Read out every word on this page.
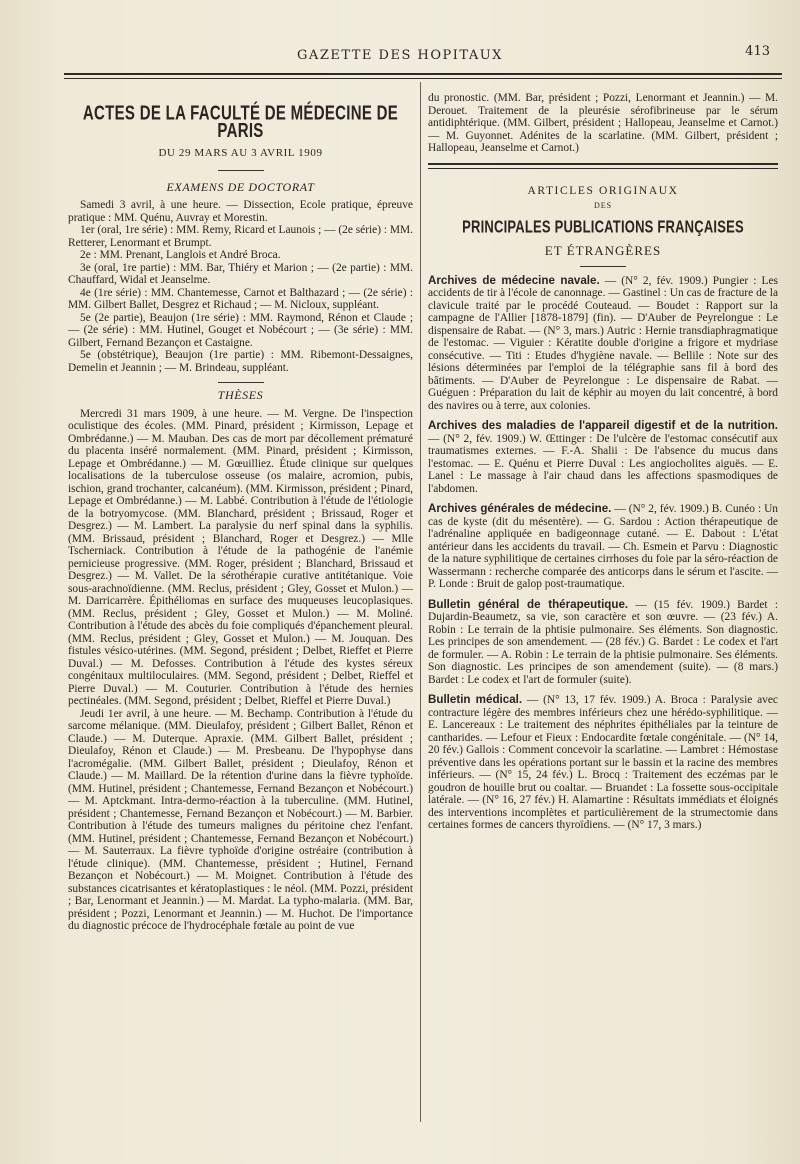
GAZETTE DES HOPITAUX	413
ACTES DE LA FACULTÉ DE MÉDECINE DE PARIS
DU 29 MARS AU 3 AVRIL 1909
EXAMENS DE DOCTORAT
Samedi 3 avril, à une heure. — Dissection, Ecole pratique, épreuve pratique : MM. Quénu, Auvray et Morestin.
1er (oral, 1re série) : MM. Remy, Ricard et Launois ; — (2e série) : MM. Retterer, Lenormant et Brumpt.
2e : MM. Prenant, Langlois et André Broca.
3e (oral, 1re partie) : MM. Bar, Thiéry et Marion ; — (2e partie) : MM. Chauffard, Widal et Jeanselme.
4e (1re série) : MM. Chantemesse, Carnot et Balthazard ; — (2e série) : MM. Gilbert Ballet, Desgrez et Richaud ; — M. Nicloux, suppléant.
5e (2e partie), Beaujon (1re série) : MM. Raymond, Rénon et Claude ; — (2e série) : MM. Hutinel, Gouget et Nobécourt ; — (3e série) : MM. Gilbert, Fernand Bezançon et Castaigne.
5e (obstétrique), Beaujon (1re partie) : MM. Ribemont-Dessaignes, Demelin et Jeannin ; — M. Brindeau, suppléant.
THÈSES
Mercredi 31 mars 1909, à une heure. — M. Vergne. De l'inspection oculistique des écoles. (MM. Pinard, président ; Kirmisson, Lepage et Ombrédanne.) — M. Mauban. Des cas de mort par décollement prématuré du placenta inséré normalement. (MM. Pinard, président ; Kirmisson, Lepage et Ombrédanne.) — M. Gœuilliez. Étude clinique sur quelques localisations de la tuberculose osseuse (os malaire, acromion, pubis, ischion, grand trochanter, calcanéum). (MM. Kirmisson, président ; Pinard, Lepage et Ombrédanne.) — M. Labbé. Contribution à l'étude de l'étiologie de la botryomycose. (MM. Blanchard, président ; Brissaud, Roger et Desgrez.) — M. Lambert. La paralysie du nerf spinal dans la syphilis. (MM. Brissaud, président ; Blanchard, Roger et Desgrez.) — Mlle Tscherniack. Contribution à l'étude de la pathogénie de l'anémie pernicieuse progressive. (MM. Roger, président ; Blanchard, Brissaud et Desgrez.) — M. Vallet. De la sérothérapie curative antitétanique. Voie sous-arachnoïdienne. (MM. Reclus, président ; Gley, Gosset et Mulon.) — M. Darricarrère. Épithéliomas en surface des muqueuses leucoplasiques. (MM. Reclus, président ; Gley, Gosset et Mulon.) — M. Moliné. Contribution à l'étude des abcès du foie compliqués d'épanchement pleural. (MM. Reclus, président ; Gley, Gosset et Mulon.) — M. Jouquan. Des fistules vésico-utérines. (MM. Segond, président ; Delbet, Rieffet et Pierre Duval.) — M. Defosses. Contribution à l'étude des kystes séreux congénitaux multiloculaires. (MM. Segond, président ; Delbet, Rieffel et Pierre Duval.) — M. Couturier. Contribution à l'étude des hernies pectinéales. (MM. Segond, président ; Delbet, Rieffel et Pierre Duval.)
Jeudi 1er avril, à une heure. — M. Bechamp. Contribution à l'étude du sarcome mélanique. (MM. Dieulafoy, président ; Gilbert Ballet, Rénon et Claude.) — M. Duterque. Apraxie. (MM. Gilbert Ballet, président ; Dieulafoy, Rénon et Claude.) — M. Presbeanu. De l'hypophyse dans l'acromégalie. (MM. Gilbert Ballet, président ; Dieulafoy, Rénon et Claude.) — M. Maillard. De la rétention d'urine dans la fièvre typhoïde. (MM. Hutinel, président ; Chantemesse, Fernand Bezançon et Nobécourt.) — M. Aptckmant. Intra-dermo-réaction à la tuberculine. (MM. Hutinel, président ; Chantemesse, Fernand Bezançon et Nobécourt.) — M. Barbier. Contribution à l'étude des tumeurs malignes du péritoine chez l'enfant. (MM. Hutinel, président ; Chantemesse, Fernand Bezançon et Nobécourt.) — M. Sauterraux. La fièvre typhoïde d'origine ostréaire (contribution à l'étude clinique). (MM. Chantemesse, président ; Hutinel, Fernand Bezançon et Nobécourt.) — M. Moignet. Contribution à l'étude des substances cicatrisantes et kératoplastiques : le néol. (MM. Pozzi, président ; Bar, Lenormant et Jeannin.) — M. Mardat. La typho-malaria. (MM. Bar, président ; Pozzi, Lenormant et Jeannin.) — M. Huchot. De l'importance du diagnostic précoce de l'hydrocéphale fœtale au point de vue
du pronostic. (MM. Bar, président ; Pozzi, Lenormant et Jeannin.) — M. Derouet. Traitement de la pleurésie sérofibrineuse par le sérum antidiphtérique. (MM. Gilbert, président ; Hallopeau, Jeanselme et Carnot.) — M. Guyonnet. Adénites de la scarlatine. (MM. Gilbert, président ; Hallopeau, Jeanselme et Carnot.)
ARTICLES ORIGINAUX
DES
PRINCIPALES PUBLICATIONS FRANÇAISES
ET ÉTRANGÈRES
Archives de médecine navale. — (N° 2, fév. 1909.) Pungier : Les accidents de tir à l'école de canonnage. — Gastinel : Un cas de fracture de la clavicule traité par le procédé Couteaud. — Boudet : Rapport sur la campagne de l'Allier [1878-1879] (fin). — D'Auber de Peyrelongue : Le dispensaire de Rabat. — (N° 3, mars.) Autric : Hernie transdiaphragmatique de l'estomac. — Viguier : Kératite double d'origine a frigore et mydriase consécutive. — Titi : Etudes d'hygiène navale. — Bellile : Note sur des lésions déterminées par l'emploi de la télégraphie sans fil à bord des bâtiments. — D'Auber de Peyrelongue : Le dispensaire de Rabat. — Guéguen : Préparation du lait de képhir au moyen du lait concentré, à bord des navires ou à terre, aux colonies.
Archives des maladies de l'appareil digestif et de la nutrition. — (N° 2, fév. 1909.) W. Œttinger : De l'ulcère de l'estomac consécutif aux traumatismes externes. — F.-A. Shalii : De l'absence du mucus dans l'estomac. — E. Quénu et Pierre Duval : Les angiocholites aiguës. — E. Lanel : Le massage à l'air chaud dans les affections spasmodiques de l'abdomen.
Archives générales de médecine. — (N° 2, fév. 1909.) B. Cunéo : Un cas de kyste (dit du mésentère). — G. Sardou : Action thérapeutique de l'adrénaline appliquée en badigeonnage cutané. — E. Dabout : L'état antérieur dans les accidents du travail. — Ch. Esmein et Parvu : Diagnostic de la nature syphilitique de certaines cirrhoses du foie par la séro-réaction de Wassermann : recherche comparée des anticorps dans le sérum et l'ascite. — P. Londe : Bruit de galop post-traumatique.
Bulletin général de thérapeutique. — (15 fév. 1909.) Bardet : Dujardin-Beaumetz, sa vie, son caractère et son œuvre. — (23 fév.) A. Robin : Le terrain de la phtisie pulmonaire. Ses éléments. Son diagnostic. Les principes de son amendement. — (28 fév.) G. Bardet : Le codex et l'art de formuler. — A. Robin : Le terrain de la phtisie pulmonaire. Ses éléments. Son diagnostic. Les principes de son amendement (suite). — (8 mars.) Bardet : Le codex et l'art de formuler (suite).
Bulletin médical. — (N° 13, 17 fév. 1909.) A. Broca : Paralysie avec contracture légère des membres inférieurs chez une hérédo-syphilitique. — E. Lancereaux : Le traitement des néphrites épithéliales par la teinture de cantharides. — Lefour et Fieux : Endocardite fœtale congénitale. — (N° 14, 20 fév.) Gallois : Comment concevoir la scarlatine. — Lambret : Hémostase préventive dans les opérations portant sur le bassin et la racine des membres inférieurs. — (N° 15, 24 fév.) L. Brocq : Traitement des eczémas par le goudron de houille brut ou coaltar. — Bruandet : La fossette sous-occipitale latérale. — (N° 16, 27 fév.) H. Alamartine : Résultats immédiats et éloignés des interventions incomplètes et particulièrement de la strumectomie dans certaines formes de cancers thyroïdiens. — (N° 17, 3 mars.)
